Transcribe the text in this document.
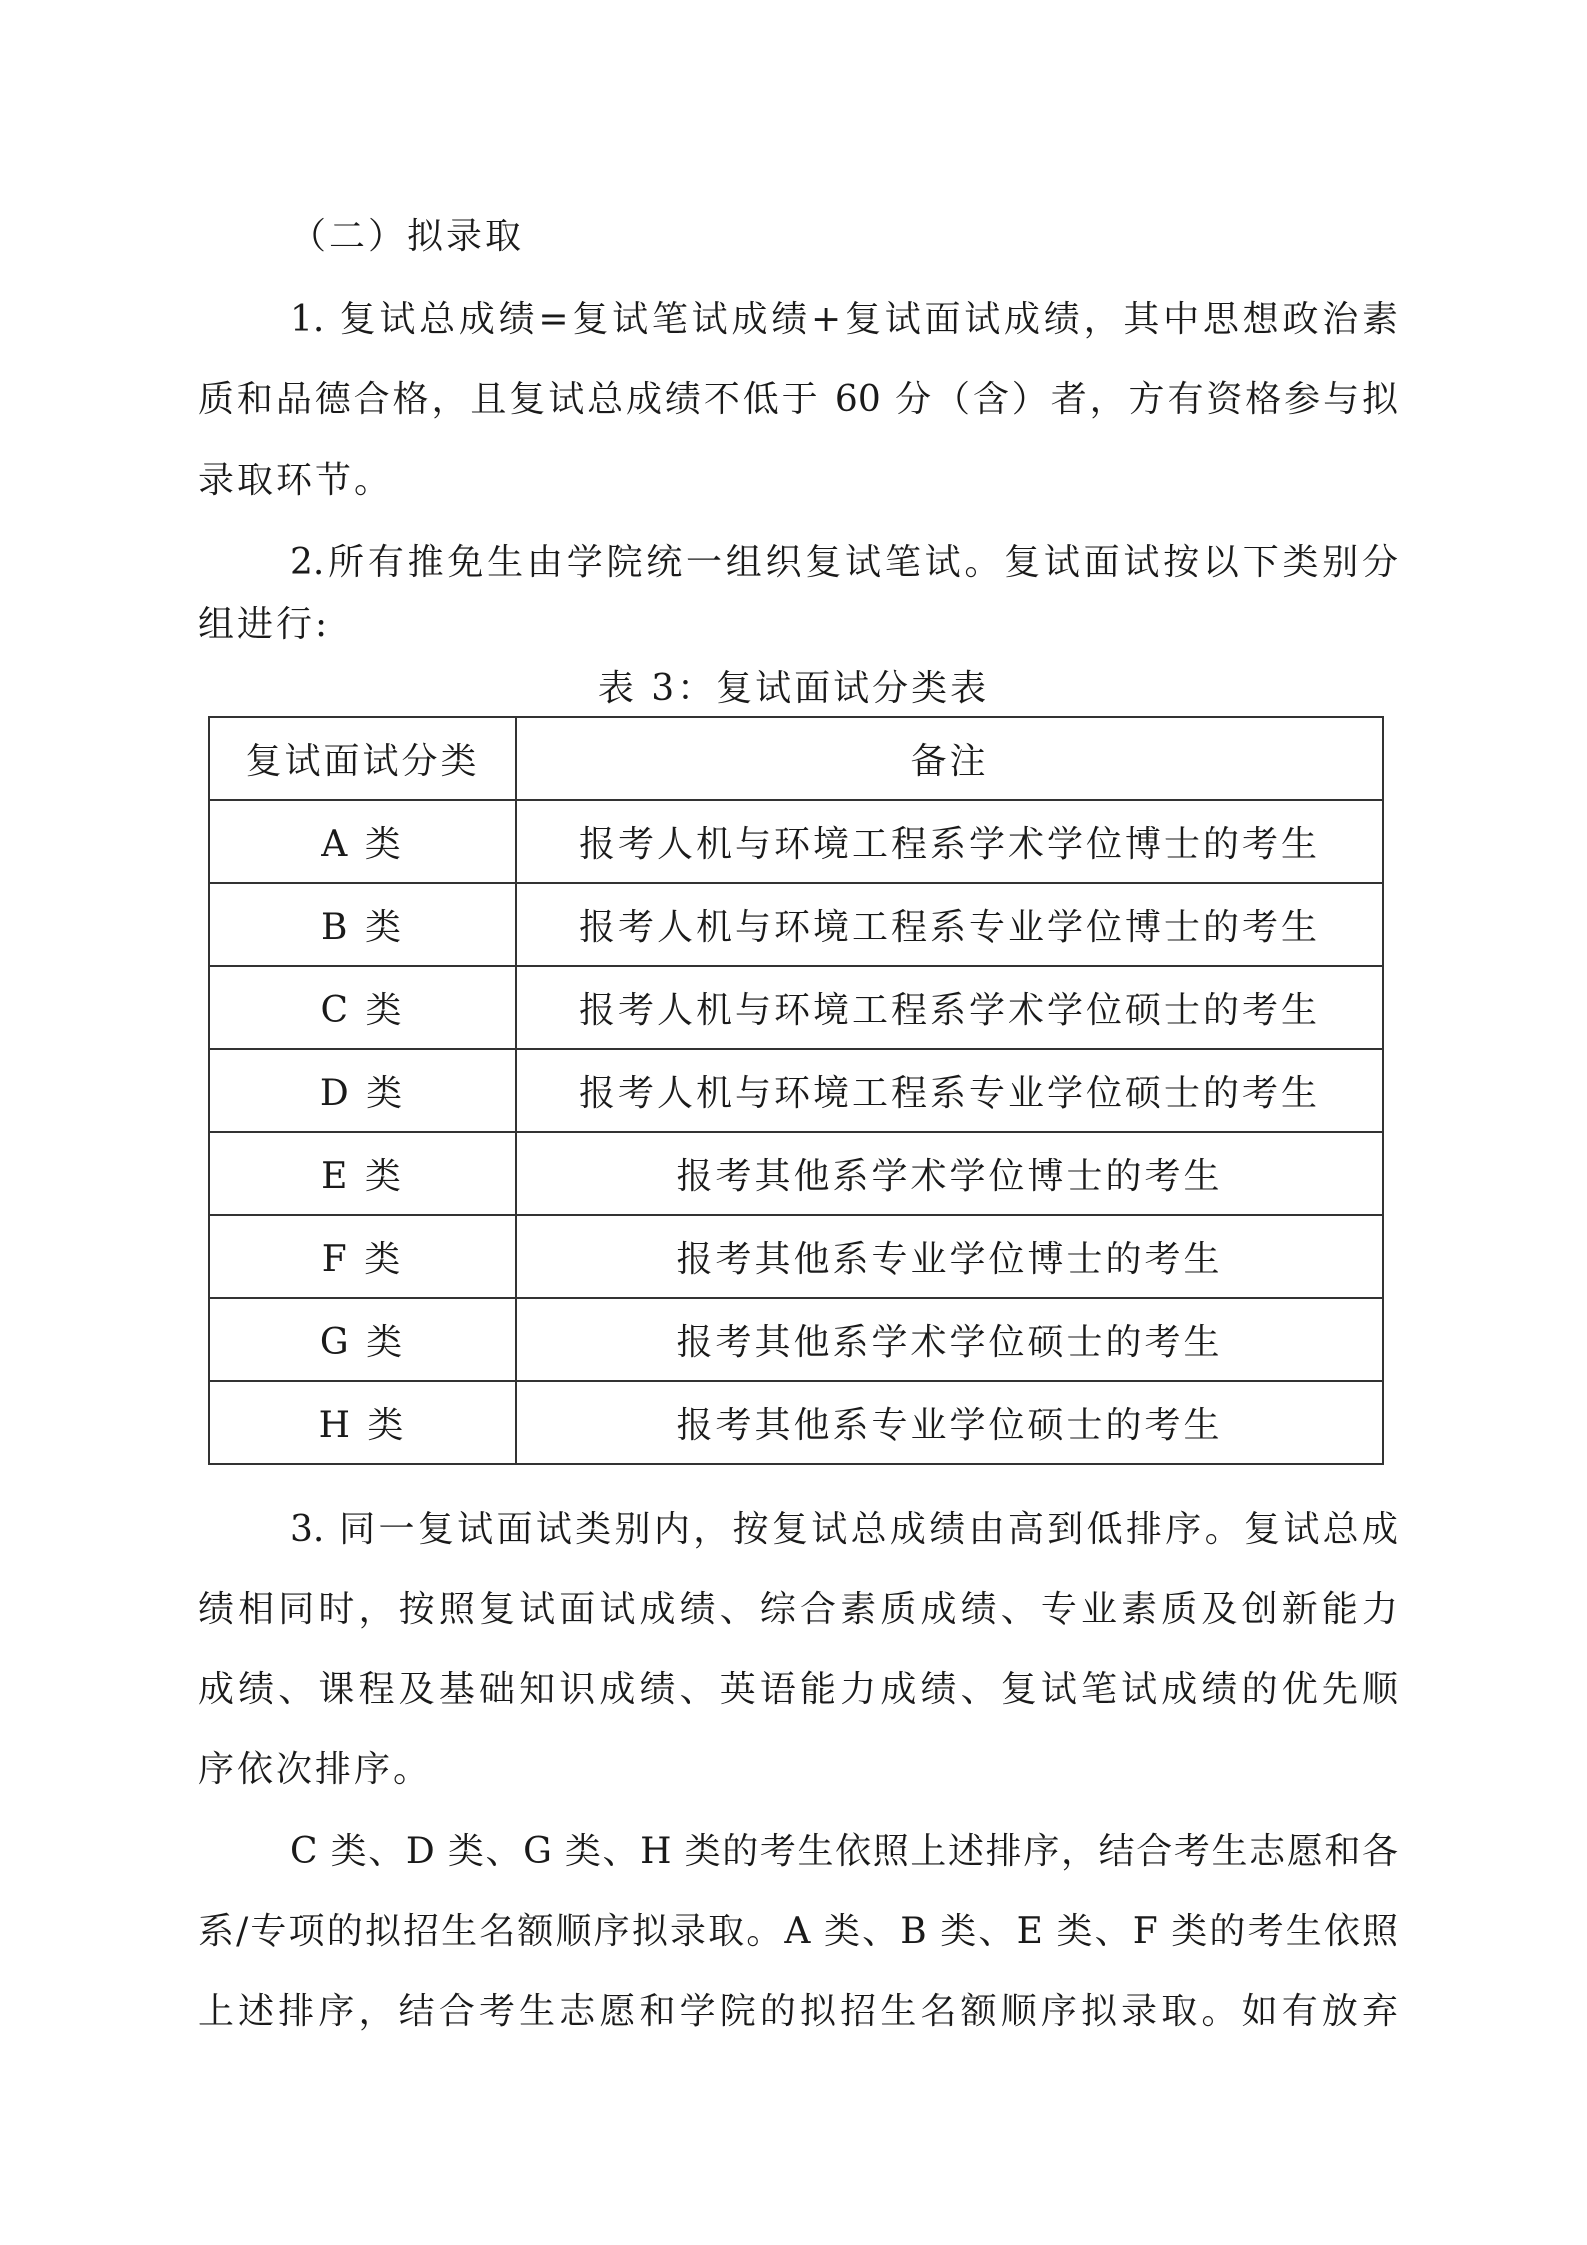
（二）拟录取
1. 复试总成绩=复试笔试成绩+复试面试成绩，其中思想政治素
质和品德合格，且复试总成绩不低于 60 分（含）者，方有资格参与拟
录取环节。
2.所有推免生由学院统一组织复试笔试。复试面试按以下类别分
组进行:
表 3：复试面试分类表
复试面试分类	备注
A 类	报考人机与环境工程系学术学位博士的考生
B 类	报考人机与环境工程系专业学位博士的考生
C 类	报考人机与环境工程系学术学位硕士的考生
D 类	报考人机与环境工程系专业学位硕士的考生
E 类	报考其他系学术学位博士的考生
F 类	报考其他系专业学位博士的考生
G 类	报考其他系学术学位硕士的考生
H 类	报考其他系专业学位硕士的考生
3. 同一复试面试类别内，按复试总成绩由高到低排序。复试总成
绩相同时，按照复试面试成绩、综合素质成绩、专业素质及创新能力
成绩、课程及基础知识成绩、英语能力成绩、复试笔试成绩的优先顺
序依次排序。
C 类、D 类、G 类、H 类的考生依照上述排序，结合考生志愿和各
系/专项的拟招生名额顺序拟录取。A 类、B 类、E 类、F 类的考生依照
上述排序，结合考生志愿和学院的拟招生名额顺序拟录取。如有放弃
